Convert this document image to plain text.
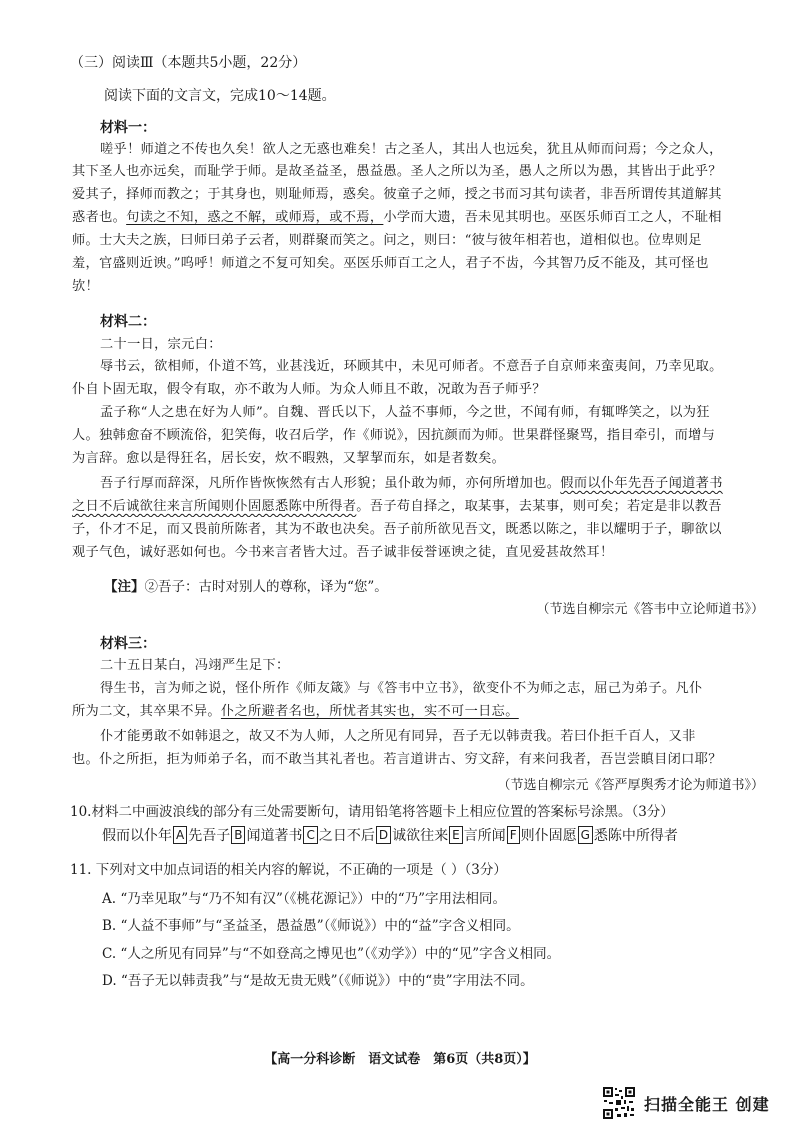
（三）阅读Ⅲ（本题共5小题，22分）
阅读下面的文言文，完成10～14题。
材料一：
嗟乎！师道之不传也久矣！欲人之无惑也难矣！古之圣人，其出人也远矣，犹且从师而问焉；今之众人，
其下圣人也亦远矣，而耻学于师。是故圣益圣，愚益愚。圣人之所以为圣，愚人之所以为愚，其皆出于此乎？
爱其子，择师而教之；于其身也，则耻师焉，惑矣。彼童子之师，授之书而习其句读者，非吾所谓传其道解其
惑者也。句读之不知，惑之不解，或师焉，或不焉，小学而大遗，吾未见其明也。巫医乐师百工之人，不耻相
师。士大夫之族，曰师曰弟子云者，则群聚而笑之。问之，则曰：“彼与彼年相若也，道相似也。位卑则足
羞，官盛则近谀。”呜呼！师道之不复可知矣。巫医乐师百工之人，君子不齿，今其智乃反不能及，其可怪也
欤！
材料二：
二十一日，宗元白：
辱书云，欲相师，仆道不笃，业甚浅近，环顾其中，未见可师者。不意吾子自京师来蛮夷间，乃幸见取。
仆自卜固无取，假令有取，亦不敢为人师。为众人师且不敢，况敢为吾子师乎？
孟子称“人之患在好为人师”。自魏、晋氏以下，人益不事师，今之世，不闻有师，有辄哗笑之，以为狂
人。独韩愈奋不顾流俗，犯笑侮，收召后学，作《师说》，因抗颜而为师。世果群怪聚骂，指目牵引，而增与
为言辞。愈以是得狂名，居长安，炊不暇熟，又挈挈而东，如是者数矣。
吾子行厚而辞深，凡所作皆恢恢然有古人形貌；虽仆敢为师，亦何所增加也。假而以仆年先吾子闻道著书
之日不后诚欲往来言所闻则仆固愿悉陈中所得者。吾子苟自择之，取某事，去某事，则可矣；若定是非以教吾
子，仆才不足，而又畏前所陈者，其为不敢也决矣。吾子前所欲见吾文，既悉以陈之，非以耀明于子，聊欲以
观子气色，诚好恶如何也。今书来言者皆大过。吾子诚非佞誉诬谀之徒，直见爱甚故然耳！
【注】②吾子：古时对别人的尊称，译为“您”。
（节选自柳宗元《答韦中立论师道书》）
材料三：
二十五日某白，冯翊严生足下：
得生书，言为师之说，怪仆所作《师友箴》与《答韦中立书》，欲变仆不为师之志，屈己为弟子。凡仆
所为二文，其卒果不异。仆之所避者名也，所忧者其实也，实不可一日忘。
仆才能勇敢不如韩退之，故又不为人师，人之所见有同异，吾子无以韩责我。若曰仆拒千百人，又非
也。仆之所拒，拒为师弟子名，而不敢当其礼者也。若言道讲古、穷文辞，有来问我者，吾岂尝瞋目闭口耶？
（节选自柳宗元《答严厚舆秀才论为师道书》）
10.材料二中画波浪线的部分有三处需要断句，请用铅笔将答题卡上相应位置的答案标号涂黑。（3分）
假而以仆年 A 先吾子 B 闻道著书 C 之日不后 D 诚欲往来 E 言所闻 F 则仆固愿 G 悉陈中所得者
11. 下列对文中加点词语的相关内容的解说，不正确的一项是（ ）（3分）
A. “乃幸见取”与“乃不知有汉”（《桃花源记》）中的“乃”字用法相同。
B. “人益不事师”与“圣益圣，愚益愚”（《师说》）中的“益”字含义相同。
C. “人之所见有同异”与“不如登高之博见也”（《劝学》）中的“见”字含义相同。
D. “吾子无以韩责我”与“是故无贵无贱”（《师说》）中的“贵”字用法不同。
【高一分科诊断　语文试卷　第6页（共8页）】
扫描全能王 创建
